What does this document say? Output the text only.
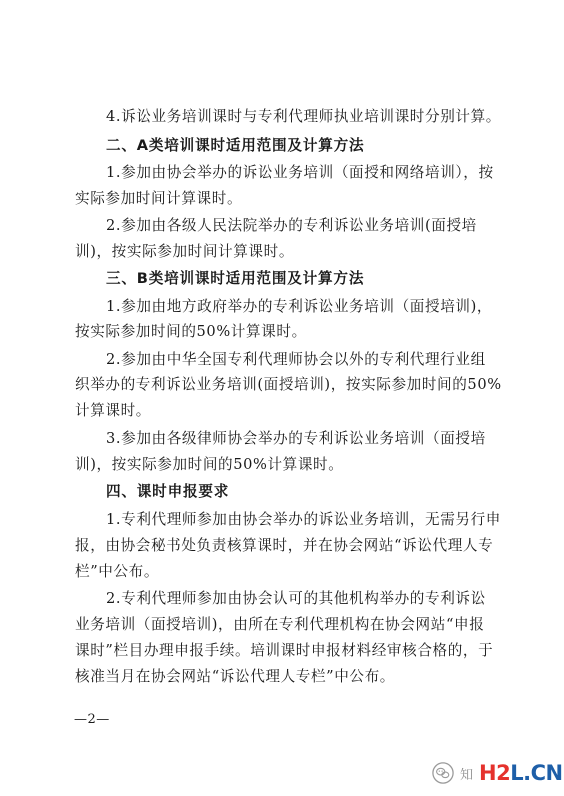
4.诉讼业务培训课时与专利代理师执业培训课时分别计算。
二、A类培训课时适用范围及计算方法
1.参加由协会举办的诉讼业务培训（面授和网络培训），按
实际参加时间计算课时。
2.参加由各级人民法院举办的专利诉讼业务培训(面授培
训)，按实际参加时间计算课时。
三、B类培训课时适用范围及计算方法
1.参加由地方政府举办的专利诉讼业务培训（面授培训)，
按实际参加时间的50%计算课时。
2.参加由中华全国专利代理师协会以外的专利代理行业组
织举办的专利诉讼业务培训(面授培训)，按实际参加时间的50%
计算课时。
3.参加由各级律师协会举办的专利诉讼业务培训（面授培
训)，按实际参加时间的50%计算课时。
四、课时申报要求
1.专利代理师参加由协会举办的诉讼业务培训，无需另行申
报，由协会秘书处负责核算课时，并在协会网站“诉讼代理人专
栏”中公布。
2.专利代理师参加由协会认可的其他机构举办的专利诉讼
业务培训（面授培训)，由所在专利代理机构在协会网站“申报
课时”栏目办理申报手续。培训课时申报材料经审核合格的，于
核准当月在协会网站“诉讼代理人专栏”中公布。
—2—
知 H2L.CN
